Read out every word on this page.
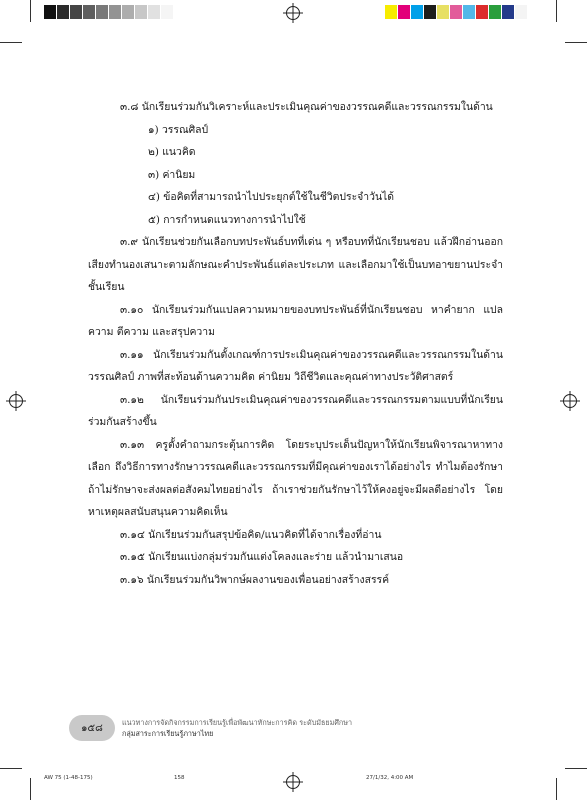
๓.๘ นักเรียนร่วมกันวิเคราะห์และประเมินคุณค่าของวรรณคดีและวรรณกรรมในด้าน

๑) วรรณศิลป์

๒) แนวคิด

๓) ค่านิยม

๔) ข้อคิดที่สามารถนำไปประยุกต์ใช้ในชีวิตประจำวันได้

๕) การกำหนดแนวทางการนำไปใช้

๓.๙ นักเรียนช่วยกันเลือกบทประพันธ์บทที่เด่น ๆ หรือบทที่นักเรียนชอบ แล้วฝึกอ่านออกเสียงทำนองเสนาะตามลักษณะคำประพันธ์แต่ละประเภท และเลือกมาใช้เป็นบทอาขยานประจำชั้นเรียน

๓.๑๐ นักเรียนร่วมกันแปลความหมายของบทประพันธ์ที่นักเรียนชอบ หาคำยาก แปลความ ตีความ และสรุปความ

๓.๑๑ นักเรียนร่วมกันตั้งเกณฑ์การประเมินคุณค่าของวรรณคดีและวรรณกรรมในด้านวรรณศิลป์ ภาพที่สะท้อนด้านความคิด ค่านิยม วิถีชีวิตและคุณค่าทางประวัติศาสตร์

๓.๑๒ นักเรียนร่วมกันประเมินคุณค่าของวรรณคดีและวรรณกรรมตามแบบที่นักเรียนร่วมกันสร้างขึ้น

๓.๑๓ ครูตั้งคำถามกระตุ้นการคิด โดยระบุประเด็นปัญหาให้นักเรียนพิจารณาหาทางเลือก ถึงวิธีการทางรักษาวรรณคดีและวรรณกรรมที่มีคุณค่าของเราได้อย่างไร ทำไมต้องรักษา ถ้าไม่รักษาจะส่งผลต่อสังคมไทยอย่างไร ถ้าเราช่วยกันรักษาไว้ให้คงอยู่จะมีผลดีอย่างไร โดยหาเหตุผลสนับสนุนความคิดเห็น

๓.๑๔ นักเรียนร่วมกันสรุปข้อคิด/แนวคิดที่ได้จากเรื่องที่อ่าน

๓.๑๕ นักเรียนแบ่งกลุ่มร่วมกันแต่งโคลงและร่าย แล้วนำมาเสนอ

๓.๑๖ นักเรียนร่วมกันวิพากษ์ผลงานของเพื่อนอย่างสร้างสรรค์

๑๕๘	แนวทางการจัดกิจกรรมการเรียนรู้เพื่อพัฒนาทักษะการคิด ระดับมัธยมศึกษา
กลุ่มสาระการเรียนรู้ภาษาไทย
AW 75 (1-48-175)	158	27/1/32, 4:00 AM
